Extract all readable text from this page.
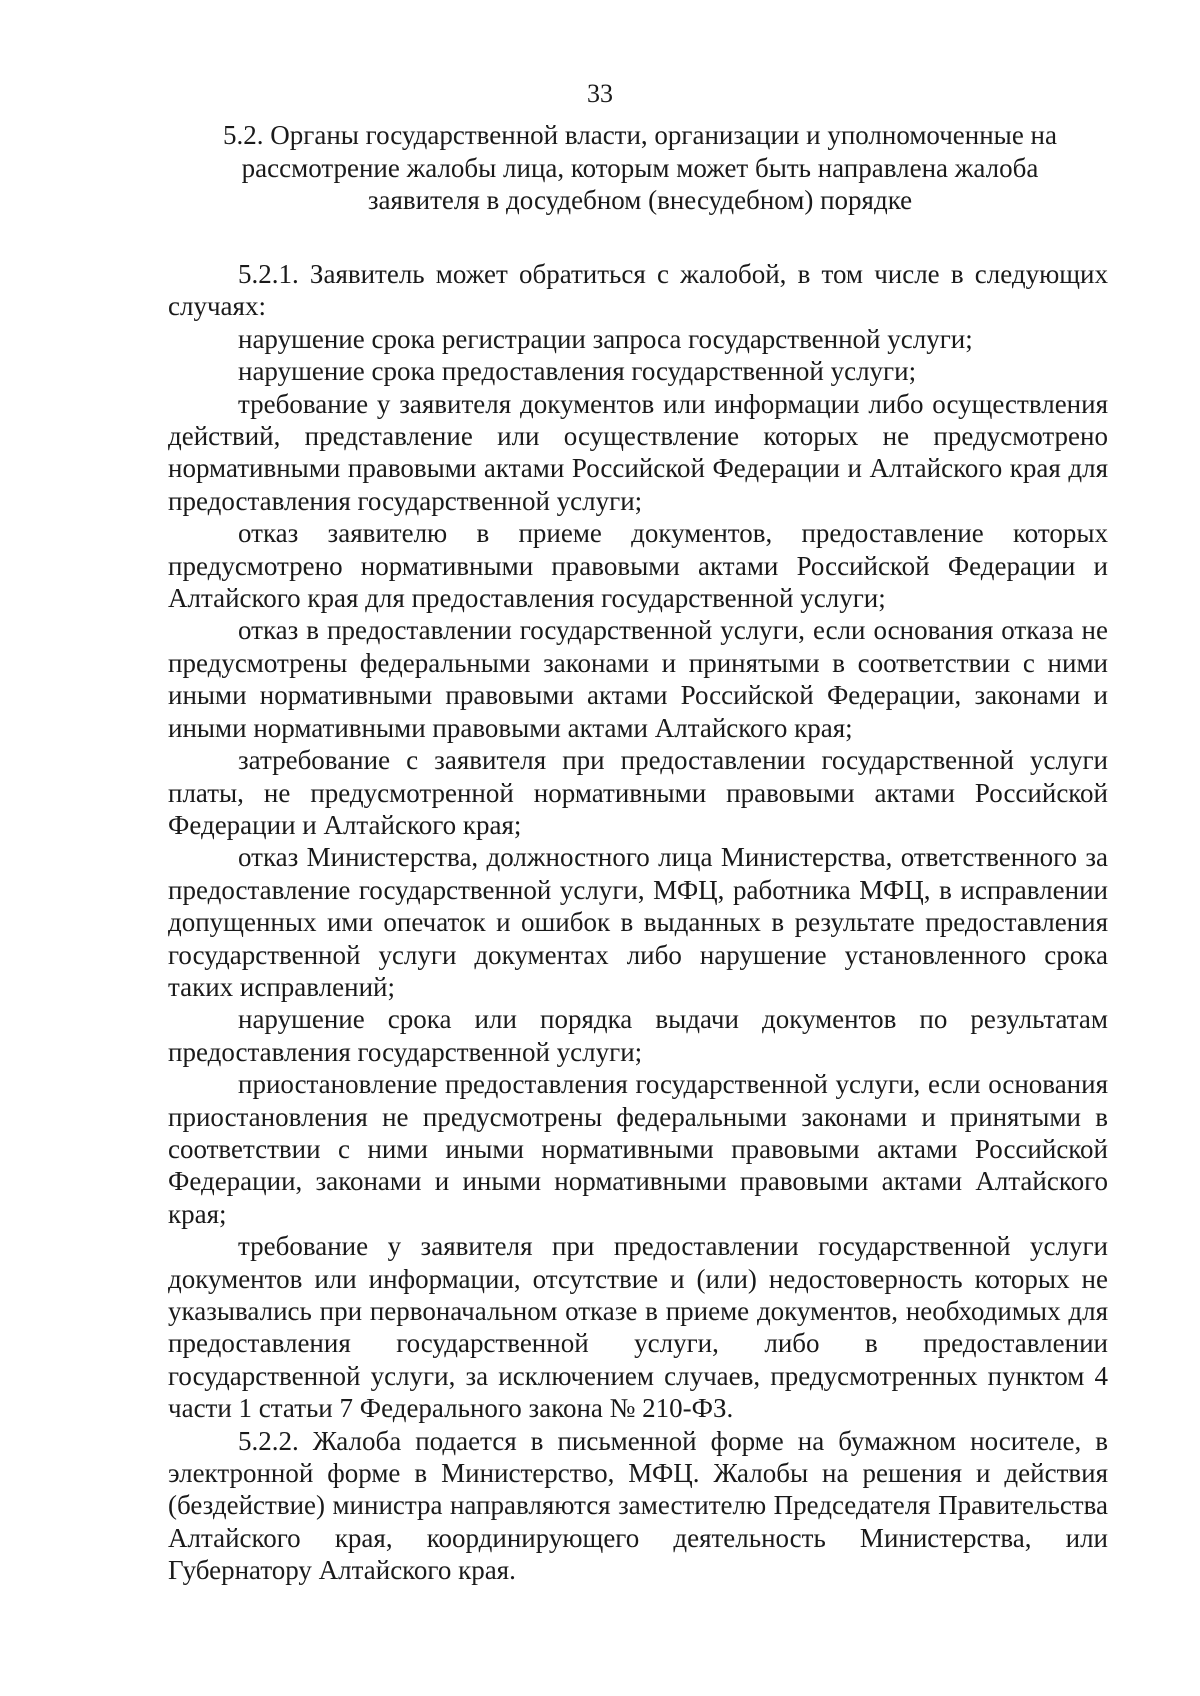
33
5.2. Органы государственной власти, организации и уполномоченные на рассмотрение жалобы лица, которым может быть направлена жалоба заявителя в досудебном (внесудебном) порядке

5.2.1. Заявитель может обратиться с жалобой, в том числе в следующих случаях:

нарушение срока регистрации запроса государственной услуги;

нарушение срока предоставления государственной услуги;

требование у заявителя документов или информации либо осуществления действий, представление или осуществление которых не предусмотрено нормативными правовыми актами Российской Федерации и Алтайского края для предоставления государственной услуги;

отказ заявителю в приеме документов, предоставление которых предусмотрено нормативными правовыми актами Российской Федерации и Алтайского края для предоставления государственной услуги;

отказ в предоставлении государственной услуги, если основания отказа не предусмотрены федеральными законами и принятыми в соответствии с ними иными нормативными правовыми актами Российской Федерации, законами и иными нормативными правовыми актами Алтайского края;

затребование с заявителя при предоставлении государственной услуги платы, не предусмотренной нормативными правовыми актами Российской Федерации и Алтайского края;

отказ Министерства, должностного лица Министерства, ответственного за предоставление государственной услуги, МФЦ, работника МФЦ, в исправлении допущенных ими опечаток и ошибок в выданных в результате предоставления государственной услуги документах либо нарушение установленного срока таких исправлений;

нарушение срока или порядка выдачи документов по результатам предоставления государственной услуги;

приостановление предоставления государственной услуги, если основания приостановления не предусмотрены федеральными законами и принятыми в соответствии с ними иными нормативными правовыми актами Российской Федерации, законами и иными нормативными правовыми актами Алтайского края;

требование у заявителя при предоставлении государственной услуги документов или информации, отсутствие и (или) недостоверность которых не указывались при первоначальном отказе в приеме документов, необходимых для предоставления государственной услуги, либо в предоставлении государственной услуги, за исключением случаев, предусмотренных пунктом 4 части 1 статьи 7 Федерального закона № 210-ФЗ.

5.2.2. Жалоба подается в письменной форме на бумажном носителе, в электронной форме в Министерство, МФЦ. Жалобы на решения и действия (бездействие) министра направляются заместителю Председателя Правительства Алтайского края, координирующего деятельность Министерства, или Губернатору Алтайского края.
